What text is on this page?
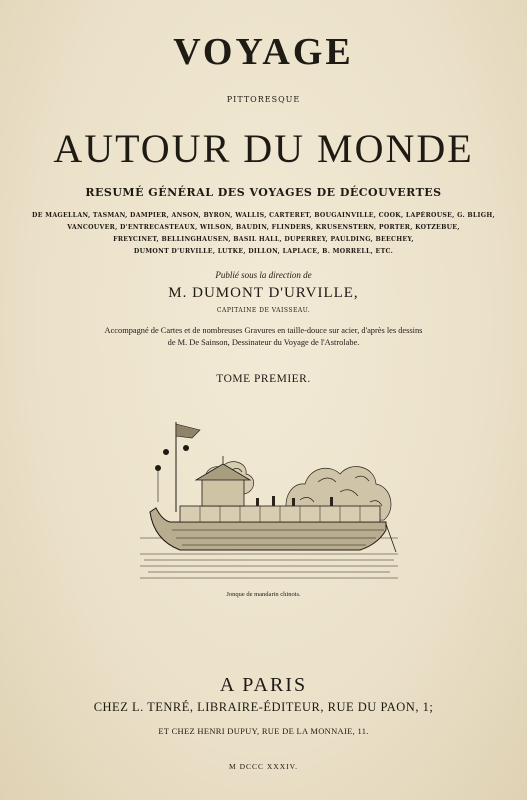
VOYAGE
PITTORESQUE
AUTOUR DU MONDE
RESUMÉ GÉNÉRAL DES VOYAGES DE DÉCOUVERTES
DE MAGELLAN, TASMAN, DAMPIER, ANSON, BYRON, WALLIS, CARTERET, BOUGAINVILLE, COOK, LAPÉROUSE, G. BLIGH,
VANCOUVER, D'ENTRECASTEAUX, WILSON, BAUDIN, FLINDERS, KRUSENSTERN, PORTER, KOTZEBUE,
FREYCINET, BELLINGHAUSEN, BASIL HALL, DUPERREY, PAULDING, BEECHEY,
DUMONT D'URVILLE, LUTKE, DILLON, LAPLACE, B. MORRELL, ETC.
Publié sous la direction de
M. DUMONT D'URVILLE,
CAPITAINE DE VAISSEAU.
Accompagné de Cartes et de nombreuses Gravures en taille-douce sur acier, d'après les dessins
de M. De Sainson, Dessinateur du Voyage de l'Astrolabe.
TOME PREMIER.
Jonque de mandarin chinois.
A PARIS
CHEZ L. TENRÉ, LIBRAIRE-ÉDITEUR, RUE DU PAON, 1;
ET CHEZ HENRI DUPUY, RUE DE LA MONNAIE, 11.
M DCCC XXXIV.
